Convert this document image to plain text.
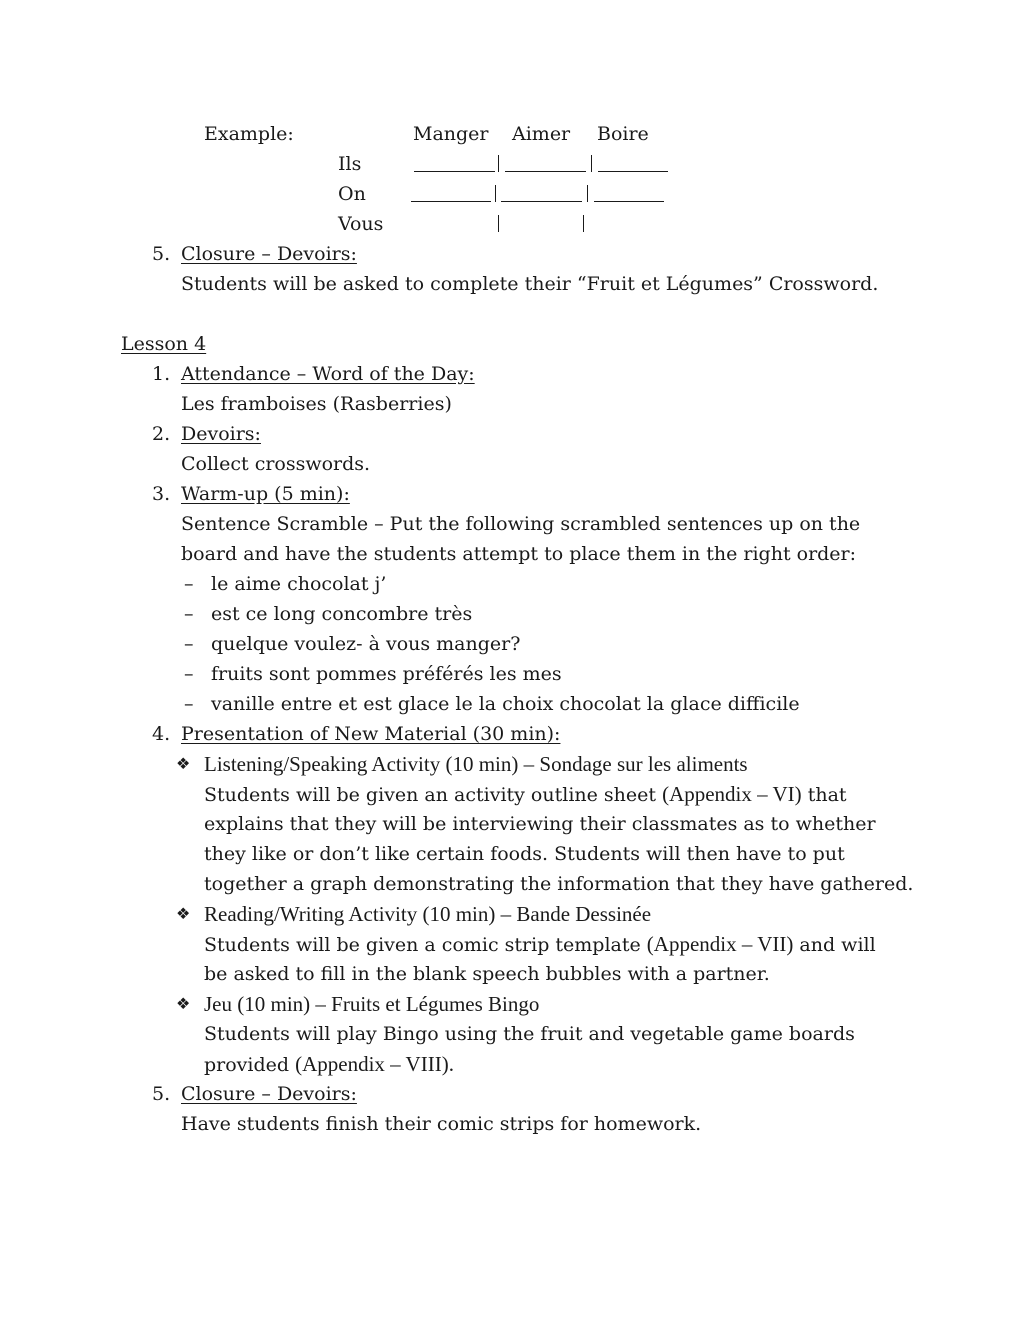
Example:	Manger Aimer Boire
Ils
On
Vous
5. Closure – Devoirs:
Students will be asked to complete their “Fruit et Légumes” Crossword.
Lesson 4
1. Attendance – Word of the Day:
Les framboises (Rasberries)
2. Devoirs:
Collect crosswords.
3. Warm-up (5 min):
Sentence Scramble – Put the following scrambled sentences up on the
board and have the students attempt to place them in the right order:
– le aime chocolat j’
– est ce long concombre très
– quelque voulez- à vous manger?
– fruits sont pommes préférés les mes
– vanille entre et est glace le la choix chocolat la glace difficile
4. Presentation of New Material (30 min):
❖ Listening/Speaking Activity (10 min) – Sondage sur les aliments
Students will be given an activity outline sheet (Appendix – VI) that
explains that they will be interviewing their classmates as to whether
they like or don’t like certain foods. Students will then have to put
together a graph demonstrating the information that they have gathered.
❖ Reading/Writing Activity (10 min) – Bande Dessinée
Students will be given a comic strip template (Appendix – VII) and will
be asked to fill in the blank speech bubbles with a partner.
❖ Jeu (10 min) – Fruits et Légumes Bingo
Students will play Bingo using the fruit and vegetable game boards
provided (Appendix – VIII).
5. Closure – Devoirs:
Have students finish their comic strips for homework.
